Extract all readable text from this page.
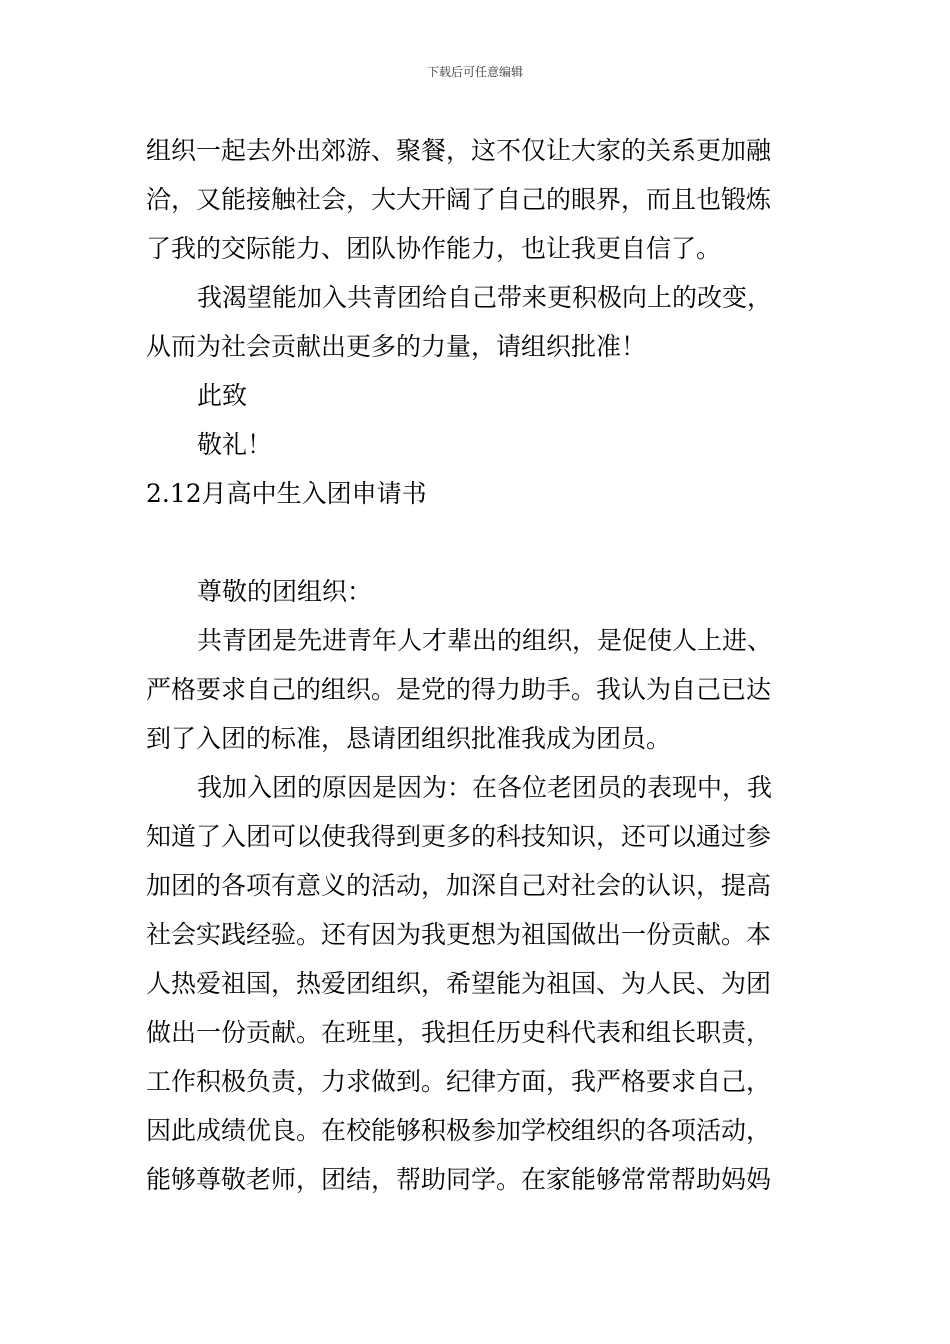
下载后可任意编辑
组织一起去外出郊游、聚餐，这不仅让大家的关系更加融
洽，又能接触社会，大大开阔了自己的眼界，而且也锻炼
了我的交际能力、团队协作能力，也让我更自信了。
我渴望能加入共青团给自己带来更积极向上的改变，
从而为社会贡献出更多的力量，请组织批准！
此致
敬礼！
2.12月高中生入团申请书
尊敬的团组织：
共青团是先进青年人才辈出的组织，是促使人上进、
严格要求自己的组织。是党的得力助手。我认为自己已达
到了入团的标准，恳请团组织批准我成为团员。
我加入团的原因是因为：在各位老团员的表现中，我
知道了入团可以使我得到更多的科技知识，还可以通过参
加团的各项有意义的活动，加深自己对社会的认识，提高
社会实践经验。还有因为我更想为祖国做出一份贡献。本
人热爱祖国，热爱团组织，希望能为祖国、为人民、为团
做出一份贡献。在班里，我担任历史科代表和组长职责，
工作积极负责，力求做到。纪律方面，我严格要求自己，
因此成绩优良。在校能够积极参加学校组织的各项活动，
能够尊敬老师，团结，帮助同学。在家能够常常帮助妈妈
